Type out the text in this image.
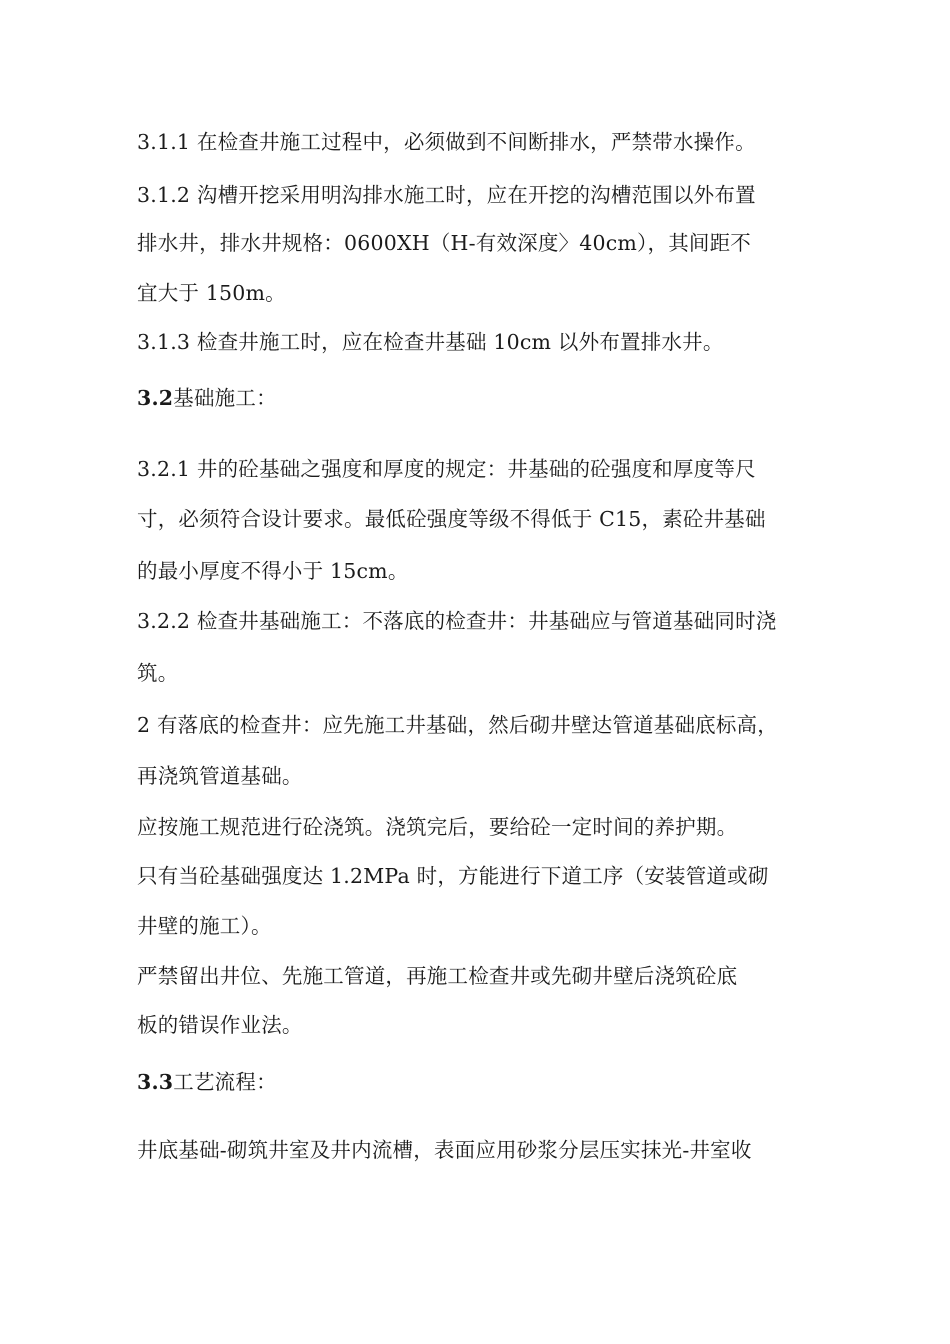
3.1.1 在检查井施工过程中，必须做到不间断排水，严禁带水操作。
3.1.2 沟槽开挖采用明沟排水施工时，应在开挖的沟槽范围以外布置
排水井，排水井规格：0600XH（H-有效深度〉40cm），其间距不
宜大于 150m。
3.1.3 检查井施工时，应在检查井基础 10cm 以外布置排水井。
3.2基础施工：
3.2.1 井的砼基础之强度和厚度的规定：井基础的砼强度和厚度等尺
寸，必须符合设计要求。最低砼强度等级不得低于 C15，素砼井基础
的最小厚度不得小于 15cm。
3.2.2 检查井基础施工：不落底的检查井：井基础应与管道基础同时浇
筑。
2 有落底的检查井：应先施工井基础，然后砌井壁达管道基础底标高，
再浇筑管道基础。
应按施工规范进行砼浇筑。浇筑完后，要给砼一定时间的养护期。
只有当砼基础强度达 1.2MPa 时，方能进行下道工序（安装管道或砌
井壁的施工）。
严禁留出井位、先施工管道，再施工检查井或先砌井壁后浇筑砼底
板的错误作业法。
3.3工艺流程：
井底基础-砌筑井室及井内流槽，表面应用砂浆分层压实抹光-井室收
